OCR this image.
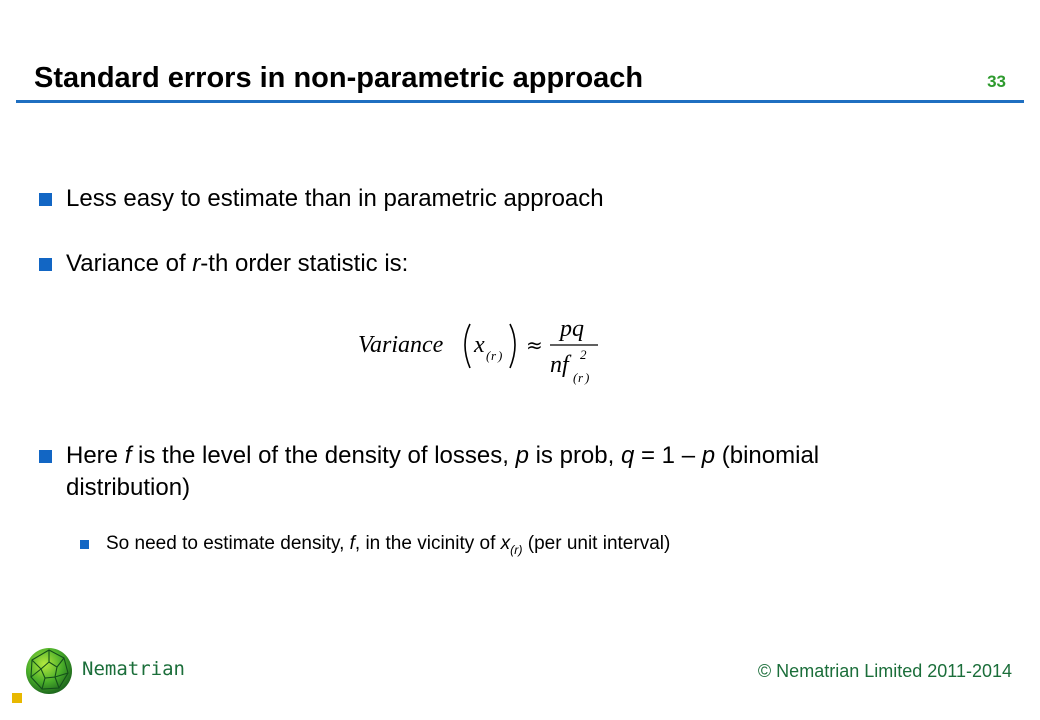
Standard errors in non-parametric approach	33
Less easy to estimate than in parametric approach
Variance of r-th order statistic is:
Variance x ( r ) ≈
pq
n f 2
( r )
Here f is the level of the density of losses, p is prob, q = 1 – p (binomial
distribution)
So need to estimate density, f, in the vicinity of $x_{(r)}$ (per unit interval)
Nematrian	© Nematrian Limited 2011-2014
